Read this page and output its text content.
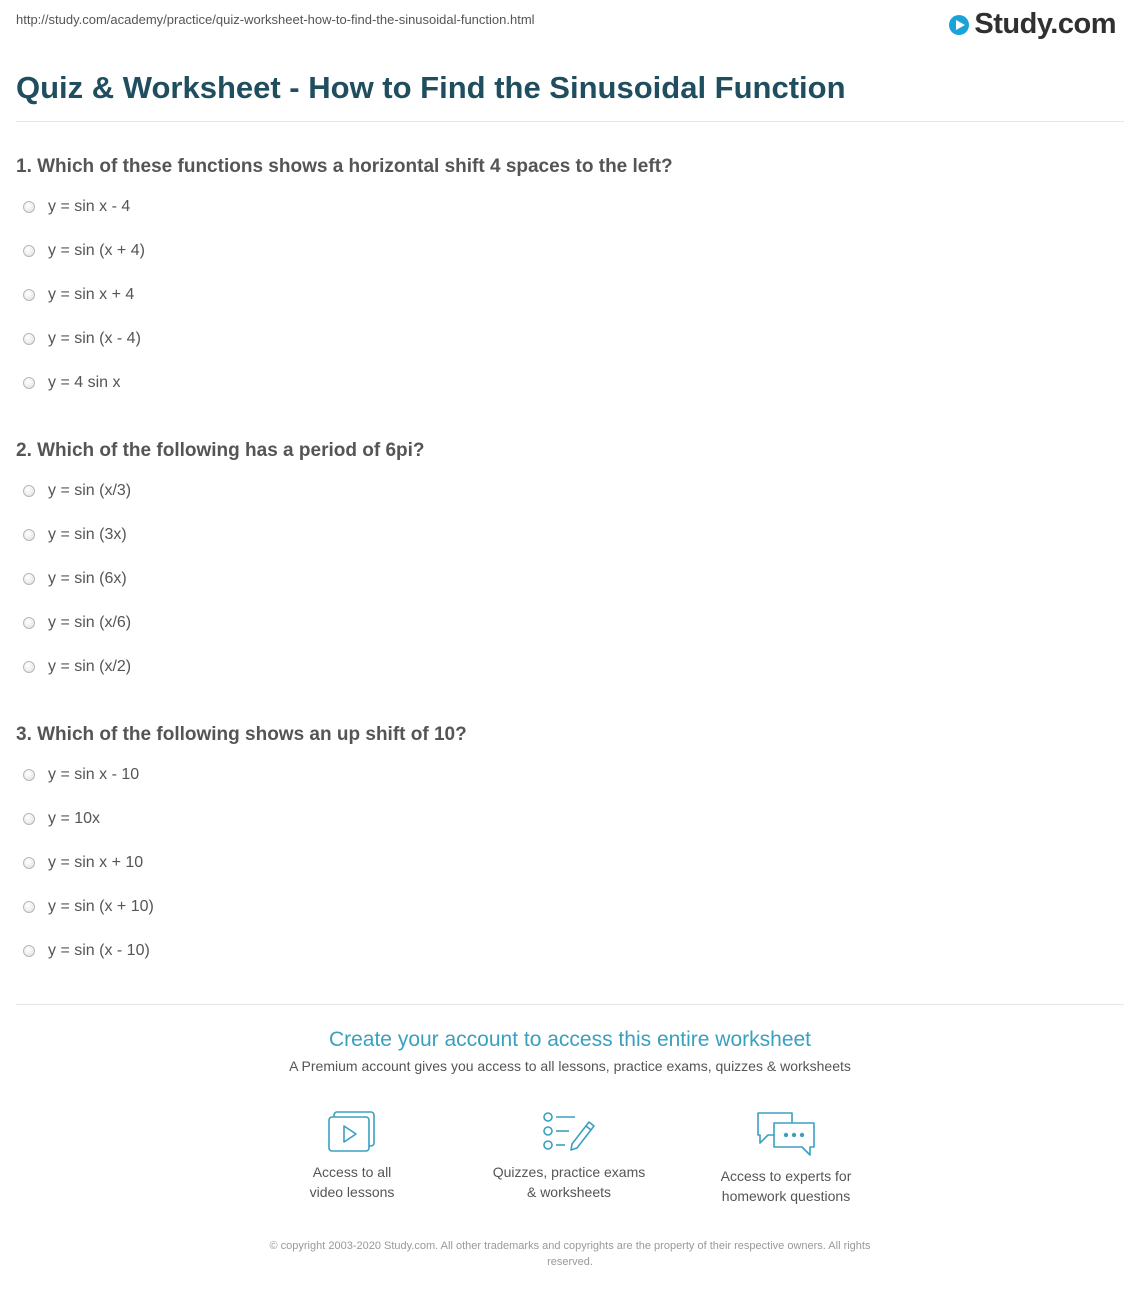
http://study.com/academy/practice/quiz-worksheet-how-to-find-the-sinusoidal-function.html	Study.com
Quiz & Worksheet - How to Find the Sinusoidal Function

1. Which of these functions shows a horizontal shift 4 spaces to the left?

y = sin x - 4
y = sin (x + 4)
y = sin x + 4
y = sin (x - 4)
y = 4 sin x

2. Which of the following has a period of 6pi?

y = sin (x/3)
y = sin (3x)
y = sin (6x)
y = sin (x/6)
y = sin (x/2)

3. Which of the following shows an up shift of 10?

y = sin x - 10
y = 10x
y = sin x + 10
y = sin (x + 10)
y = sin (x - 10)
Create your account to access this entire worksheet
A Premium account gives you access to all lessons, practice exams, quizzes & worksheets
Access to all
video lessons
Quizzes, practice exams
& worksheets
Access to experts for
homework questions
© copyright 2003-2020 Study.com. All other trademarks and copyrights are the property of their respective owners. All rights
reserved.
